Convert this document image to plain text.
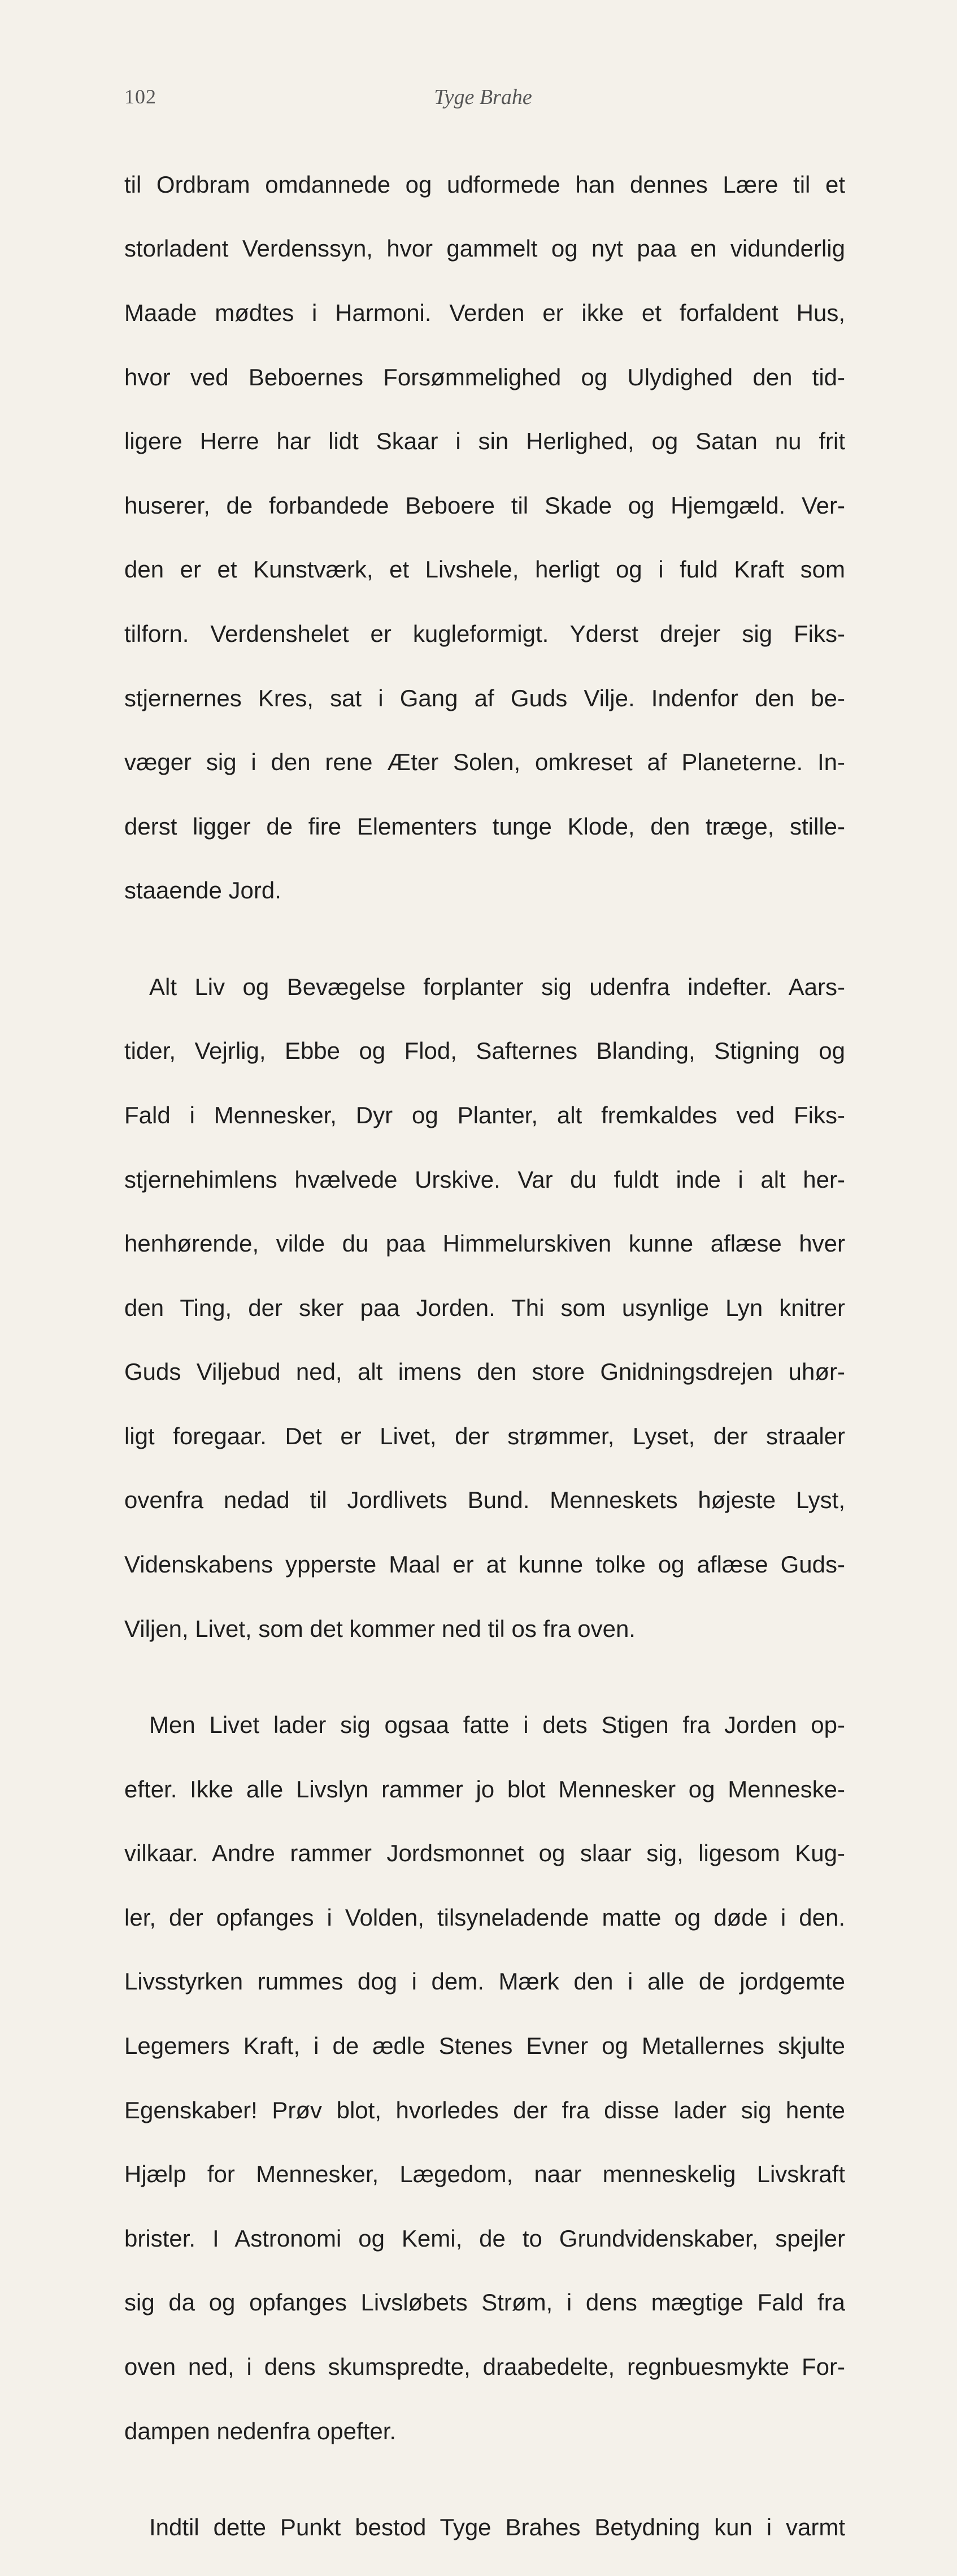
102	Tyge Brahe

til Ordbram omdannede og udformede han dennes Lære til et

storladent Verdenssyn, hvor gammelt og nyt paa en vidunderlig

Maade mødtes i Harmoni. Verden er ikke et forfaldent Hus,

hvor ved Beboernes Forsømmelighed og Ulydighed den tid-

ligere Herre har lidt Skaar i sin Herlighed, og Satan nu frit

huserer, de forbandede Beboere til Skade og Hjemgæld. Ver-

den er et Kunstværk, et Livshele, herligt og i fuld Kraft som

tilforn. Verdenshelet er kugleformigt. Yderst drejer sig Fiks-

stjernernes Kres, sat i Gang af Guds Vilje. Indenfor den be-

væger sig i den rene Æter Solen, omkreset af Planeterne. In-

derst ligger de fire Elementers tunge Klode, den træge, stille-

staaende Jord.

Alt Liv og Bevægelse forplanter sig udenfra indefter. Aars-

tider, Vejrlig, Ebbe og Flod, Safternes Blanding, Stigning og

Fald i Mennesker, Dyr og Planter, alt fremkaldes ved Fiks-

stjernehimlens hvælvede Urskive. Var du fuldt inde i alt her-

henhørende, vilde du paa Himmelurskiven kunne aflæse hver

den Ting, der sker paa Jorden. Thi som usynlige Lyn knitrer

Guds Viljebud ned, alt imens den store Gnidningsdrejen uhør-

ligt foregaar. Det er Livet, der strømmer, Lyset, der straaler

ovenfra nedad til Jordlivets Bund. Menneskets højeste Lyst,

Videnskabens ypperste Maal er at kunne tolke og aflæse Guds-

Viljen, Livet, som det kommer ned til os fra oven.

Men Livet lader sig ogsaa fatte i dets Stigen fra Jorden op-

efter. Ikke alle Livslyn rammer jo blot Mennesker og Menneske-

vilkaar. Andre rammer Jordsmonnet og slaar sig, ligesom Kug-

ler, der opfanges i Volden, tilsyneladende matte og døde i den.

Livsstyrken rummes dog i dem. Mærk den i alle de jordgemte

Legemers Kraft, i de ædle Stenes Evner og Metallernes skjulte

Egenskaber! Prøv blot, hvorledes der fra disse lader sig hente

Hjælp for Mennesker, Lægedom, naar menneskelig Livskraft

brister. I Astronomi og Kemi, de to Grundvidenskaber, spejler

sig da og opfanges Livsløbets Strøm, i dens mægtige Fald fra

oven ned, i dens skumspredte, draabedelte, regnbuesmykte For-

dampen nedenfra opefter.

Indtil dette Punkt bestod Tyge Brahes Betydning kun i varmt
